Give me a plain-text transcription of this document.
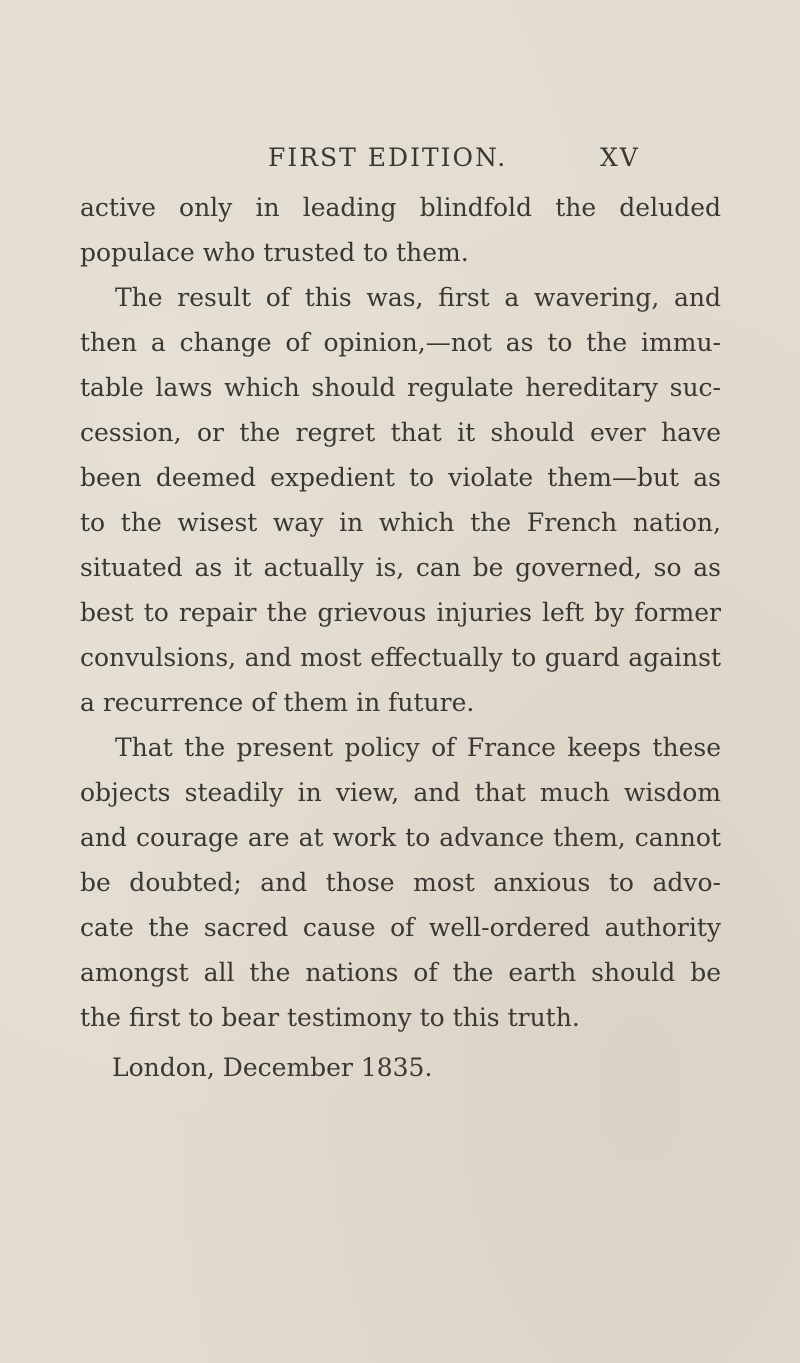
FIRST EDITION.	XV
active only in leading blindfold the deluded
populace who trusted to them.
The result of this was, first a wavering, and
then a change of opinion,—not as to the immu-
table laws which should regulate hereditary suc-
cession, or the regret that it should ever have
been deemed expedient to violate them—but as
to the wisest way in which the French nation,
situated as it actually is, can be governed, so as
best to repair the grievous injuries left by former
convulsions, and most effectually to guard against
a recurrence of them in future.
That the present policy of France keeps these
objects steadily in view, and that much wisdom
and courage are at work to advance them, cannot
be doubted; and those most anxious to advo-
cate the sacred cause of well-ordered authority
amongst all the nations of the earth should be
the first to bear testimony to this truth.
London, December 1835.
